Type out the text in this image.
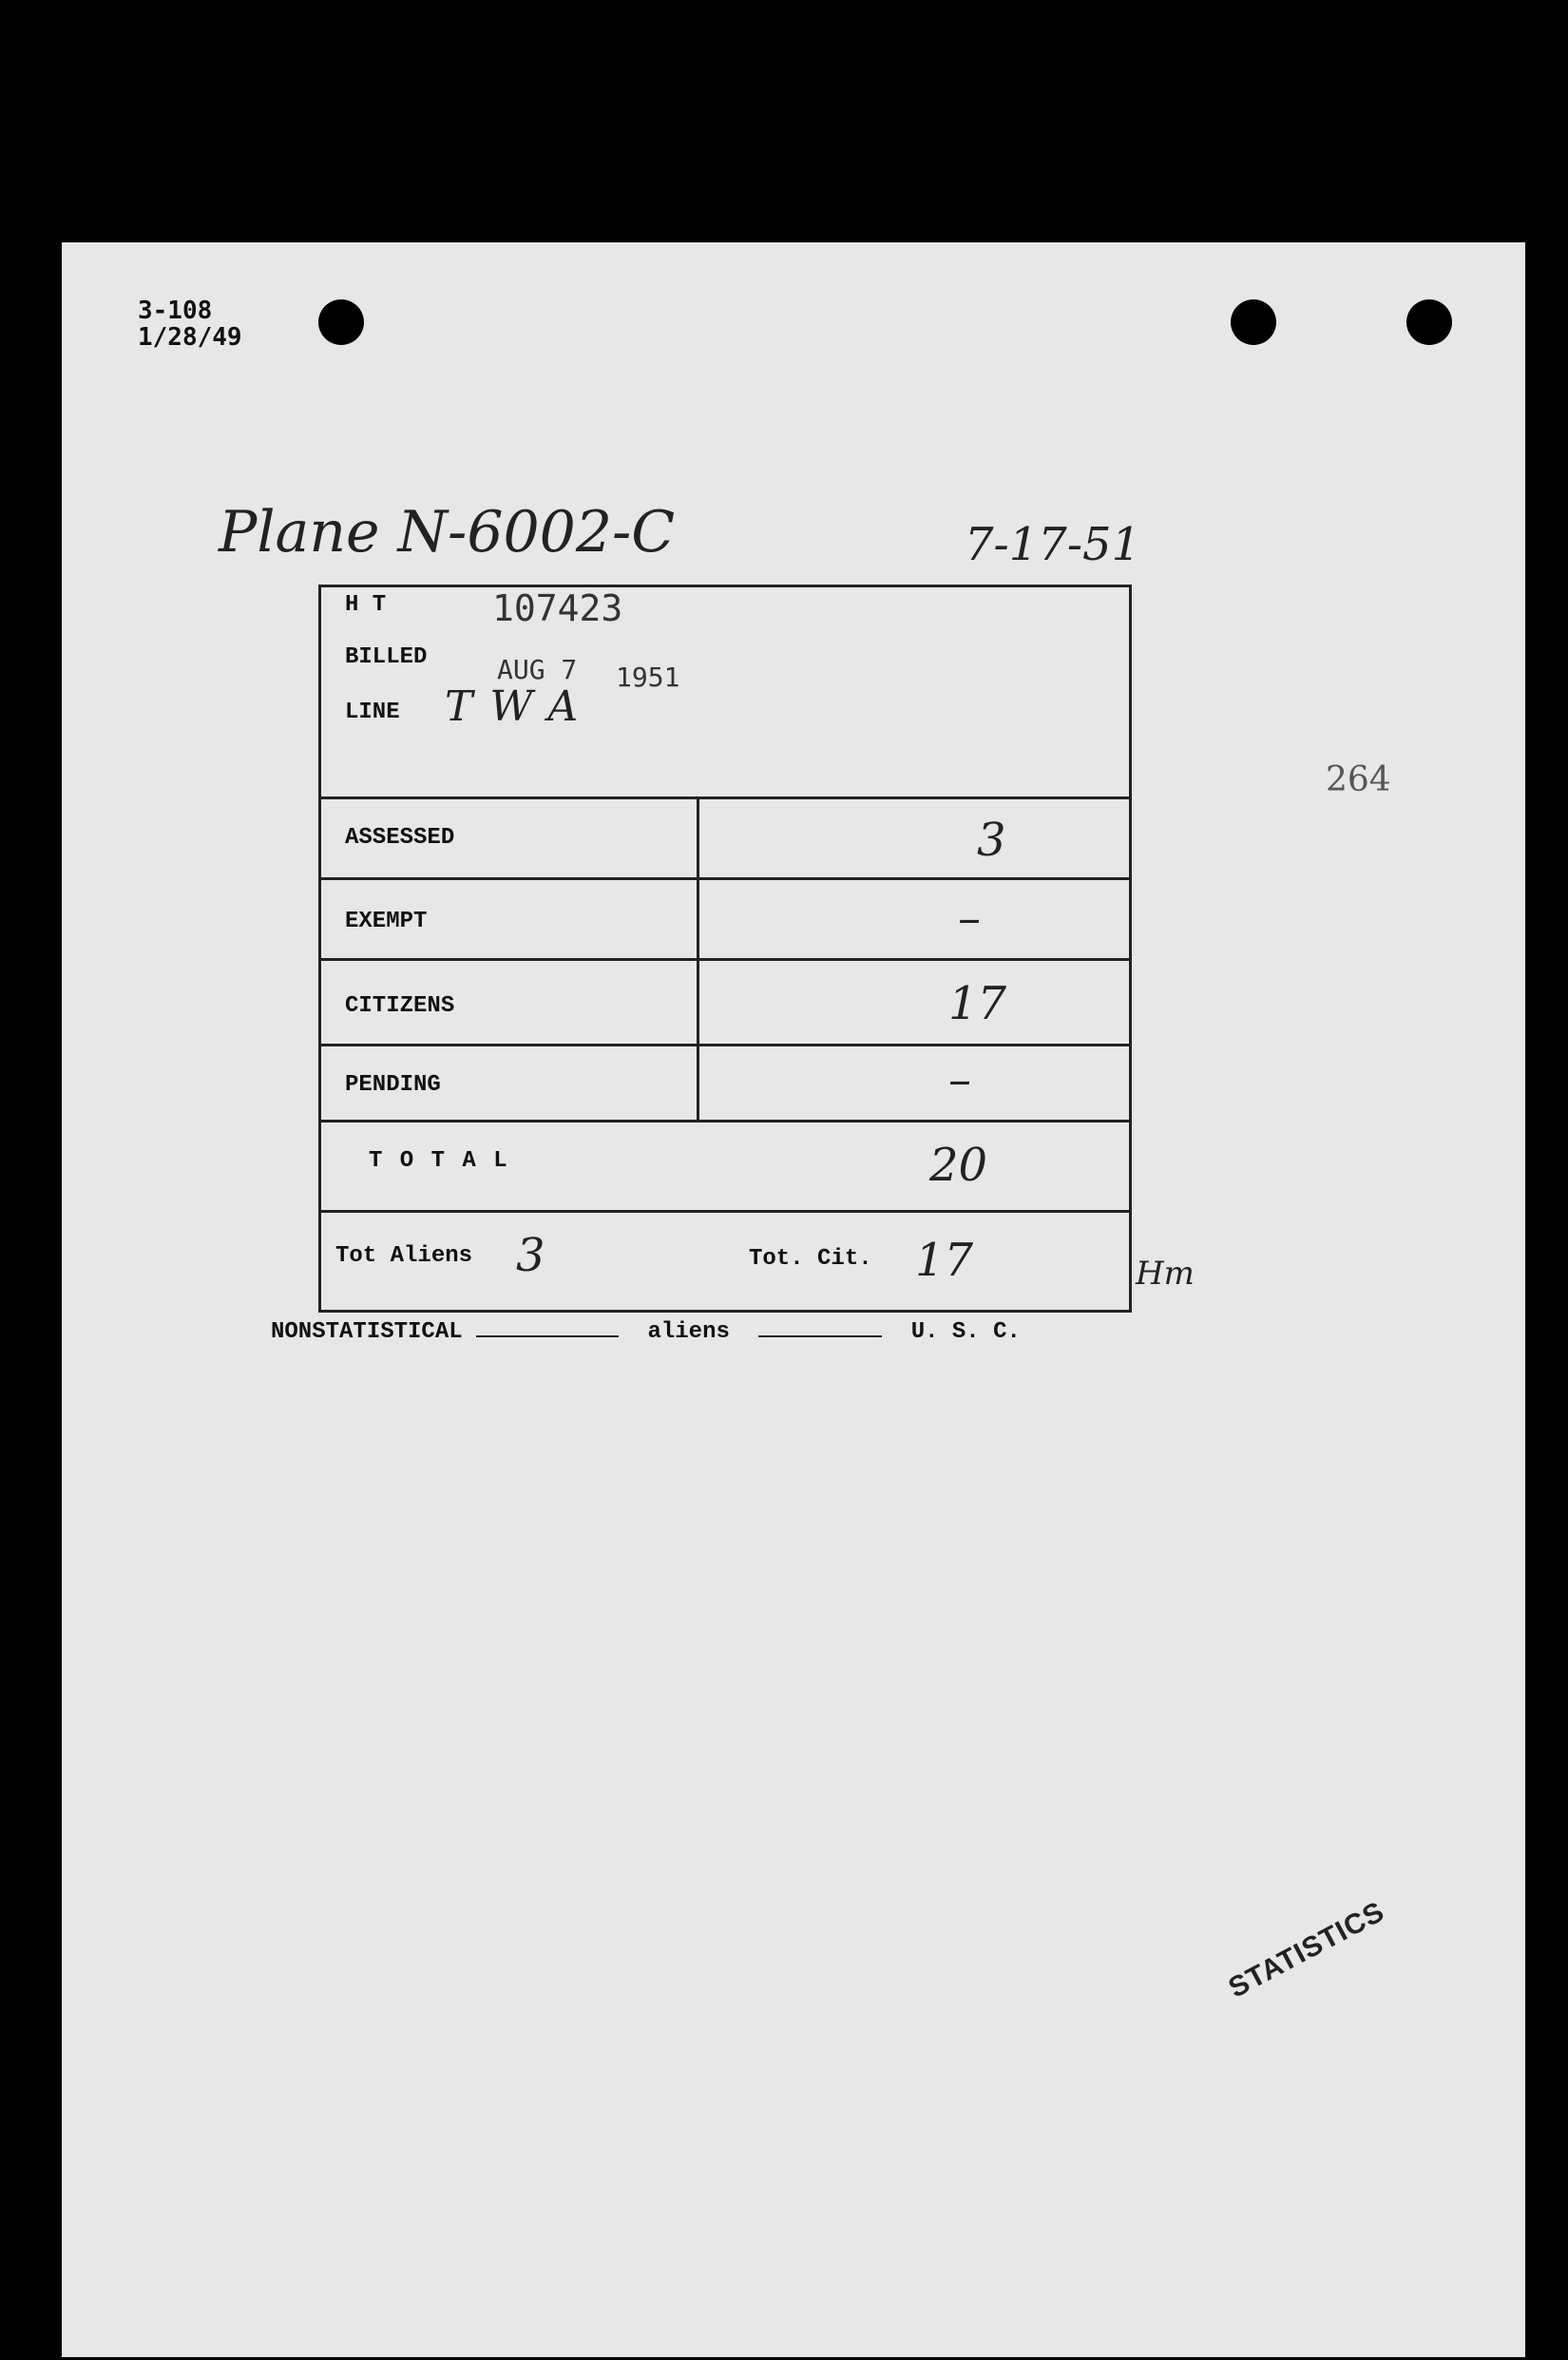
3-108
1/28/49
Plane N-6002-C	7-17-51
264
H T	107423
BILLED	AUG 7 1951
LINE TWA
ASSESSED	3
EXEMPT	–
CITIZENS	17
PENDING	–
T O T A L	20
Tot Aliens 3	Tot. Cit. 17	Hm
NONSTATISTICAL	aliens	U. S. C.
STATISTICS
